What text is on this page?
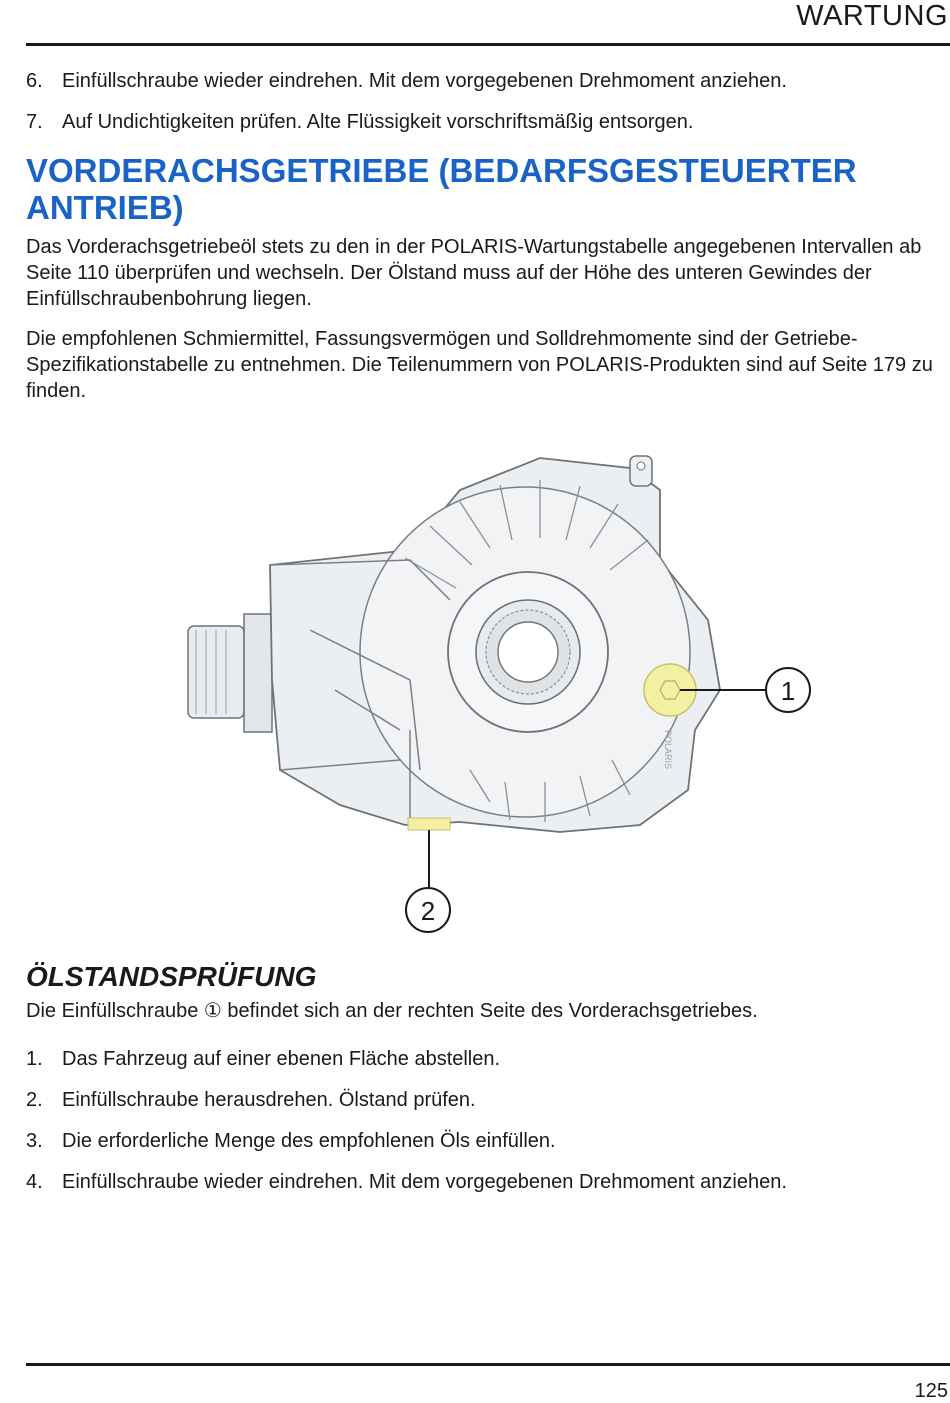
WARTUNG
6. Einfüllschraube wieder eindrehen. Mit dem vorgegebenen Drehmoment anziehen.
7. Auf Undichtigkeiten prüfen. Alte Flüssigkeit vorschriftsmäßig entsorgen.
VORDERACHSGETRIEBE (BEDARFSGESTEUERTER ANTRIEB)

Das Vorderachsgetriebeöl stets zu den in der POLARIS-Wartungstabelle angegebenen Intervallen ab Seite 110 überprüfen und wechseln. Der Ölstand muss auf der Höhe des unteren Gewindes der Einfüllschraubenbohrung liegen.

Die empfohlenen Schmiermittel, Fassungsvermögen und Solldrehmomente sind der Getriebe-Spezifikationstabelle zu entnehmen. Die Teilenummern von POLARIS-Produkten sind auf Seite 179 zu finden.

POLARIS
1
2
ÖLSTANDSPRÜFUNG

Die Einfüllschraube ① befindet sich an der rechten Seite des Vorderachsgetriebes.

1. Das Fahrzeug auf einer ebenen Fläche abstellen.
2. Einfüllschraube herausdrehen. Ölstand prüfen.
3. Die erforderliche Menge des empfohlenen Öls einfüllen.
4. Einfüllschraube wieder eindrehen. Mit dem vorgegebenen Drehmoment anziehen.
125
